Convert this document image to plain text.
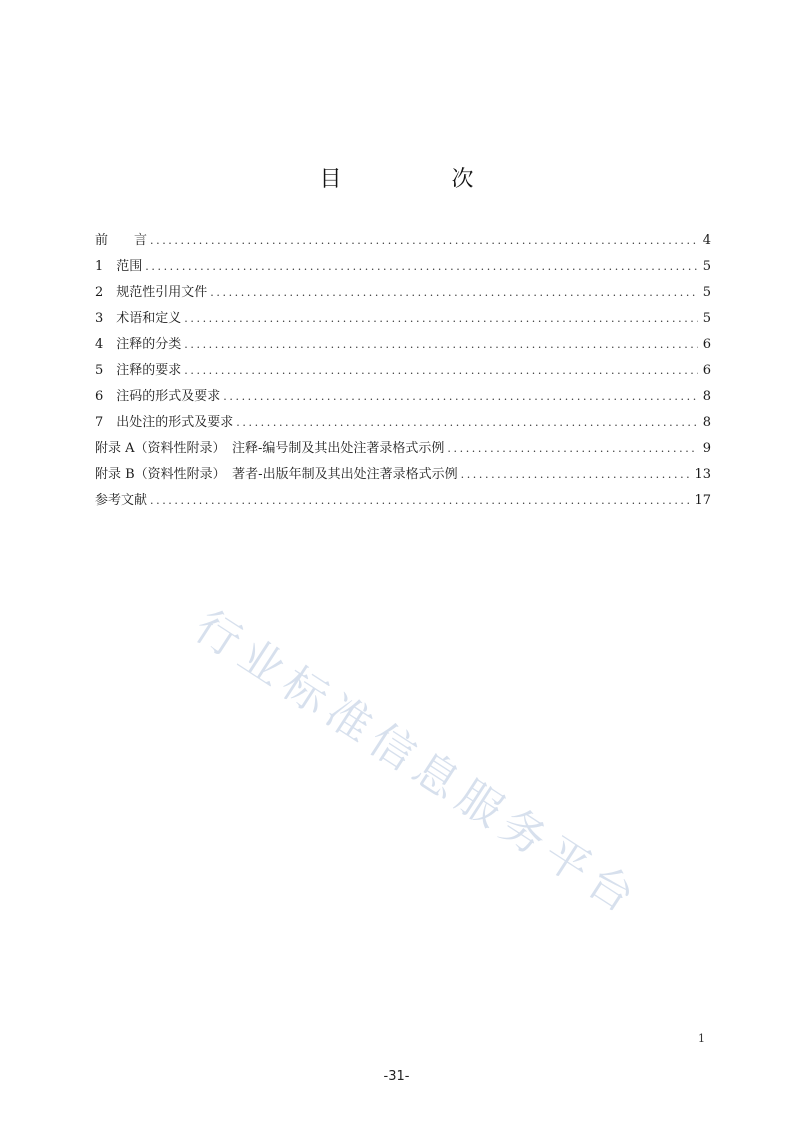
目　次
前　　言 .....	4
1　范围 .....	5
2　规范性引用文件 .....	5
3　术语和定义 .....	5
4　注释的分类 .....	6
5　注释的要求 .....	6
6　注码的形式及要求 .....	8
7　出处注的形式及要求 .....	8
附录 A（资料性附录）　注释-编号制及其出处注著录格式示例 .....	9
附录 B（资料性附录）　著者-出版年制及其出处注著录格式示例 .....	13
参考文献 .....	17
行业标准信息服务平台
1
-31-
